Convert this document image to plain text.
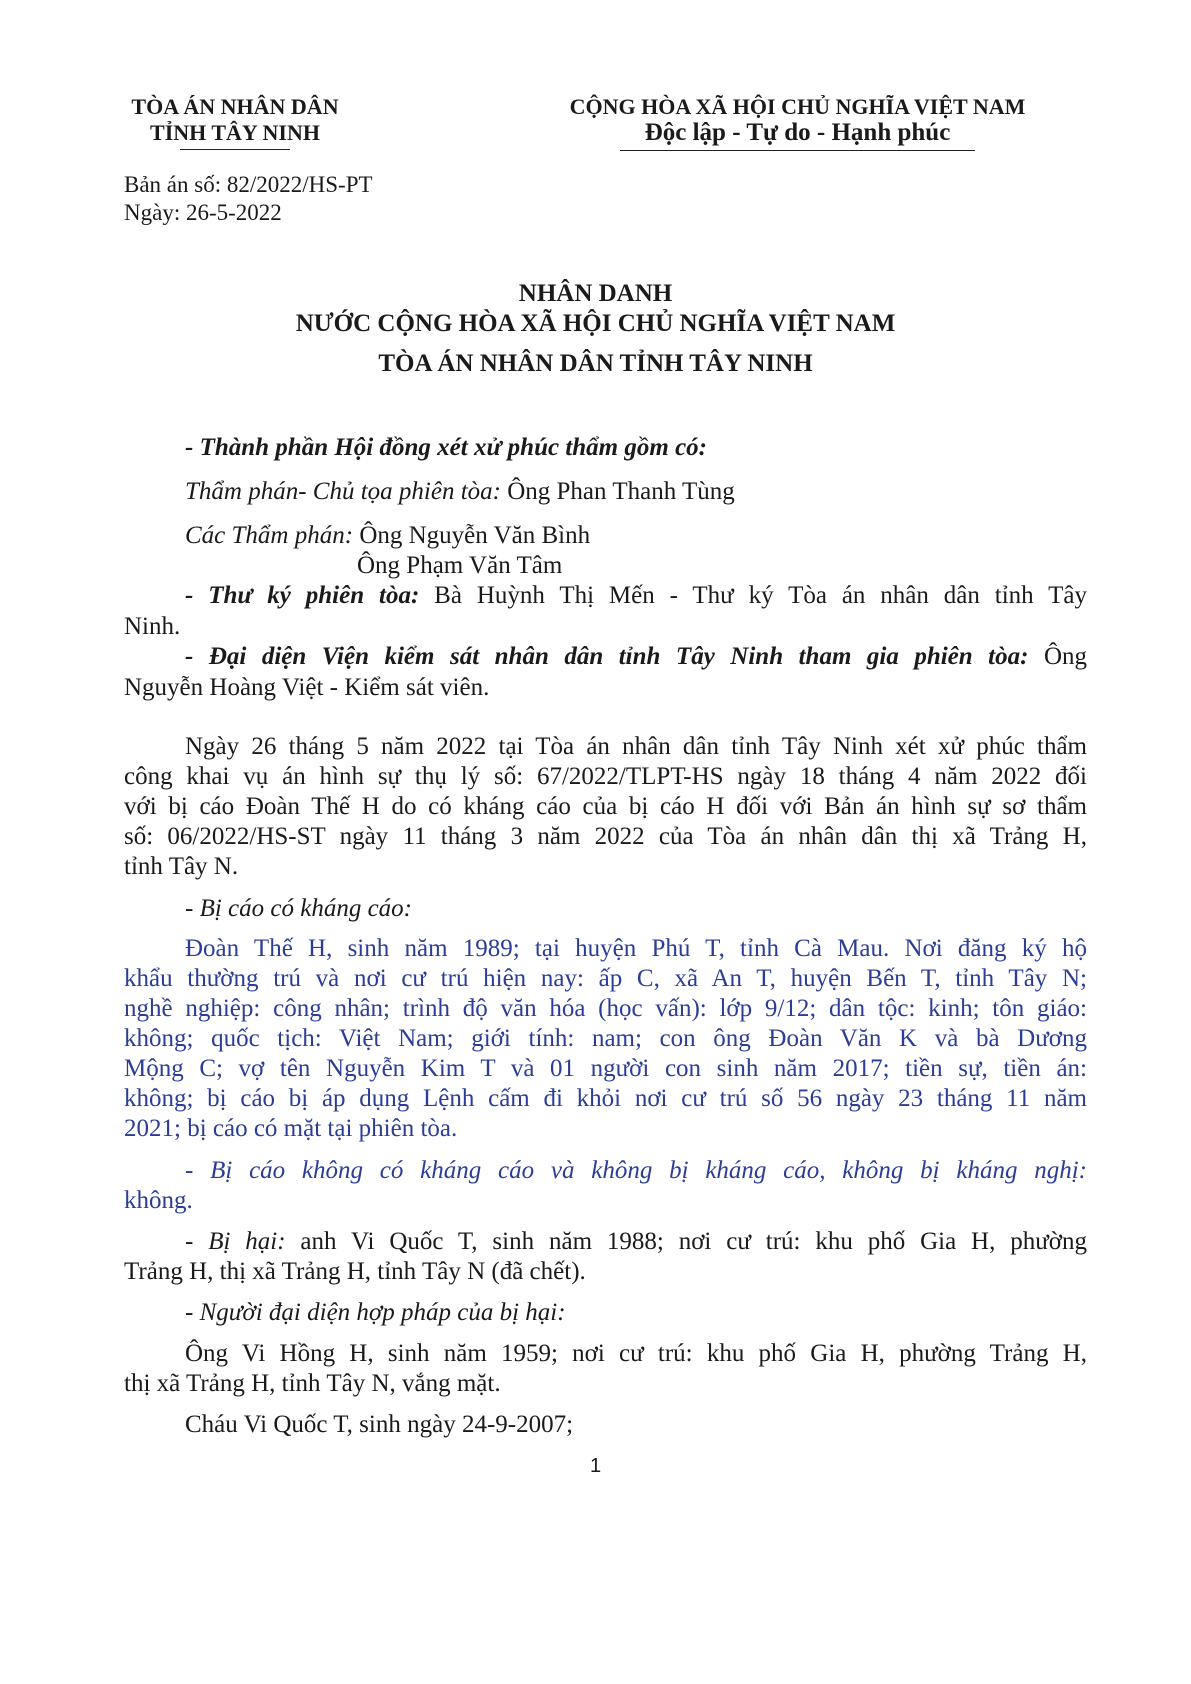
TÒA ÁN NHÂN DÂN
TỈNH TÂY NINH
CỘNG HÒA XÃ HỘI CHỦ NGHĨA VIỆT NAM
Độc lập - Tự do - Hạnh phúc
Bản án số: 82/2022/HS-PT
Ngày: 26-5-2022
NHÂN DANH
NƯỚC CỘNG HÒA XÃ HỘI CHỦ NGHĨA VIỆT NAM
TÒA ÁN NHÂN DÂN TỈNH TÂY NINH
- Thành phần Hội đồng xét xử phúc thẩm gồm có:
Thẩm phán- Chủ tọa phiên tòa: Ông Phan Thanh Tùng
Các Thẩm phán: Ông Nguyễn Văn Bình
Ông Phạm Văn Tâm
- Thư ký phiên tòa: Bà Huỳnh Thị Mến - Thư ký Tòa án nhân dân tỉnh Tây
Ninh.
- Đại diện Viện kiểm sát nhân dân tỉnh Tây Ninh tham gia phiên tòa: Ông
Nguyễn Hoàng Việt - Kiểm sát viên.
Ngày 26 tháng 5 năm 2022 tại Tòa án nhân dân tỉnh Tây Ninh xét xử phúc thẩm
công khai vụ án hình sự thụ lý số: 67/2022/TLPT-HS ngày 18 tháng 4 năm 2022 đối
với bị cáo Đoàn Thế H do có kháng cáo của bị cáo H đối với Bản án hình sự sơ thẩm
số: 06/2022/HS-ST ngày 11 tháng 3 năm 2022 của Tòa án nhân dân thị xã Trảng H,
tỉnh Tây N.
- Bị cáo có kháng cáo:
Đoàn Thế H, sinh năm 1989; tại huyện Phú T, tỉnh Cà Mau. Nơi đăng ký hộ
khẩu thường trú và nơi cư trú hiện nay: ấp C, xã An T, huyện Bến T, tỉnh Tây N;
nghề nghiệp: công nhân; trình độ văn hóa (học vấn): lớp 9/12; dân tộc: kinh; tôn giáo:
không; quốc tịch: Việt Nam; giới tính: nam; con ông Đoàn Văn K và bà Dương
Mộng C; vợ tên Nguyễn Kim T và 01 người con sinh năm 2017; tiền sự, tiền án:
không; bị cáo bị áp dụng Lệnh cấm đi khỏi nơi cư trú số 56 ngày 23 tháng 11 năm
2021; bị cáo có mặt tại phiên tòa.
- Bị cáo không có kháng cáo và không bị kháng cáo, không bị kháng nghị:
không.
- Bị hại: anh Vi Quốc T, sinh năm 1988; nơi cư trú: khu phố Gia H, phường
Trảng H, thị xã Trảng H, tỉnh Tây N (đã chết).
- Người đại diện hợp pháp của bị hại:
Ông Vi Hồng H, sinh năm 1959; nơi cư trú: khu phố Gia H, phường Trảng H,
thị xã Trảng H, tỉnh Tây N, vắng mặt.
Cháu Vi Quốc T, sinh ngày 24-9-2007;
1
